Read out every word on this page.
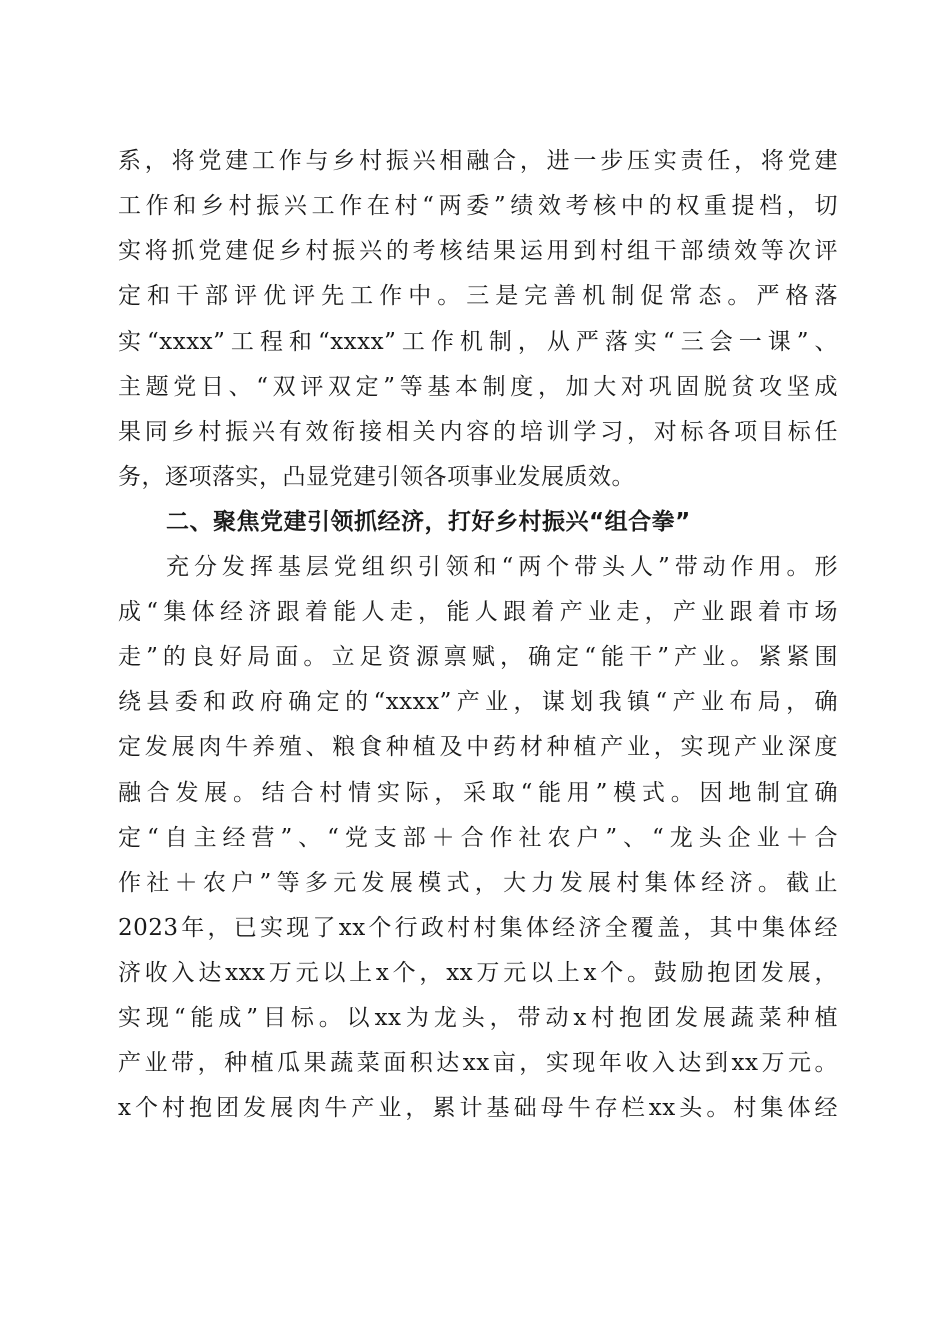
系，将党建工作与乡村振兴相融合，进一步压实责任，将党建
工作和乡村振兴工作在村“两委”绩效考核中的权重提档，切
实将抓党建促乡村振兴的考核结果运用到村组干部绩效等次评
定和干部评优评先工作中。三是完善机制促常态。严格落
实“xxxx”工程和“xxxx”工作机制，从严落实“三会一课”、
主题党日、“双评双定”等基本制度，加大对巩固脱贫攻坚成
果同乡村振兴有效衔接相关内容的培训学习，对标各项目标任
务，逐项落实，凸显党建引领各项事业发展质效。
二、聚焦党建引领抓经济，打好乡村振兴“组合拳”
充分发挥基层党组织引领和“两个带头人”带动作用。形
成“集体经济跟着能人走，能人跟着产业走，产业跟着市场
走”的良好局面。立足资源禀赋，确定“能干”产业。紧紧围
绕县委和政府确定的“xxxx”产业，谋划我镇“产业布局，确
定发展肉牛养殖、粮食种植及中药材种植产业，实现产业深度
融合发展。结合村情实际，采取“能用”模式。因地制宜确
定“自主经营”、“党支部＋合作社农户”、“龙头企业＋合
作社＋农户”等多元发展模式，大力发展村集体经济。截止
2023年，已实现了xx个行政村村集体经济全覆盖，其中集体经
济收入达xxx万元以上x个，xx万元以上x个。鼓励抱团发展，
实现“能成”目标。以xx为龙头，带动x村抱团发展蔬菜种植
产业带，种植瓜果蔬菜面积达xx亩，实现年收入达到xx万元。
x个村抱团发展肉牛产业，累计基础母牛存栏xx头。村集体经
